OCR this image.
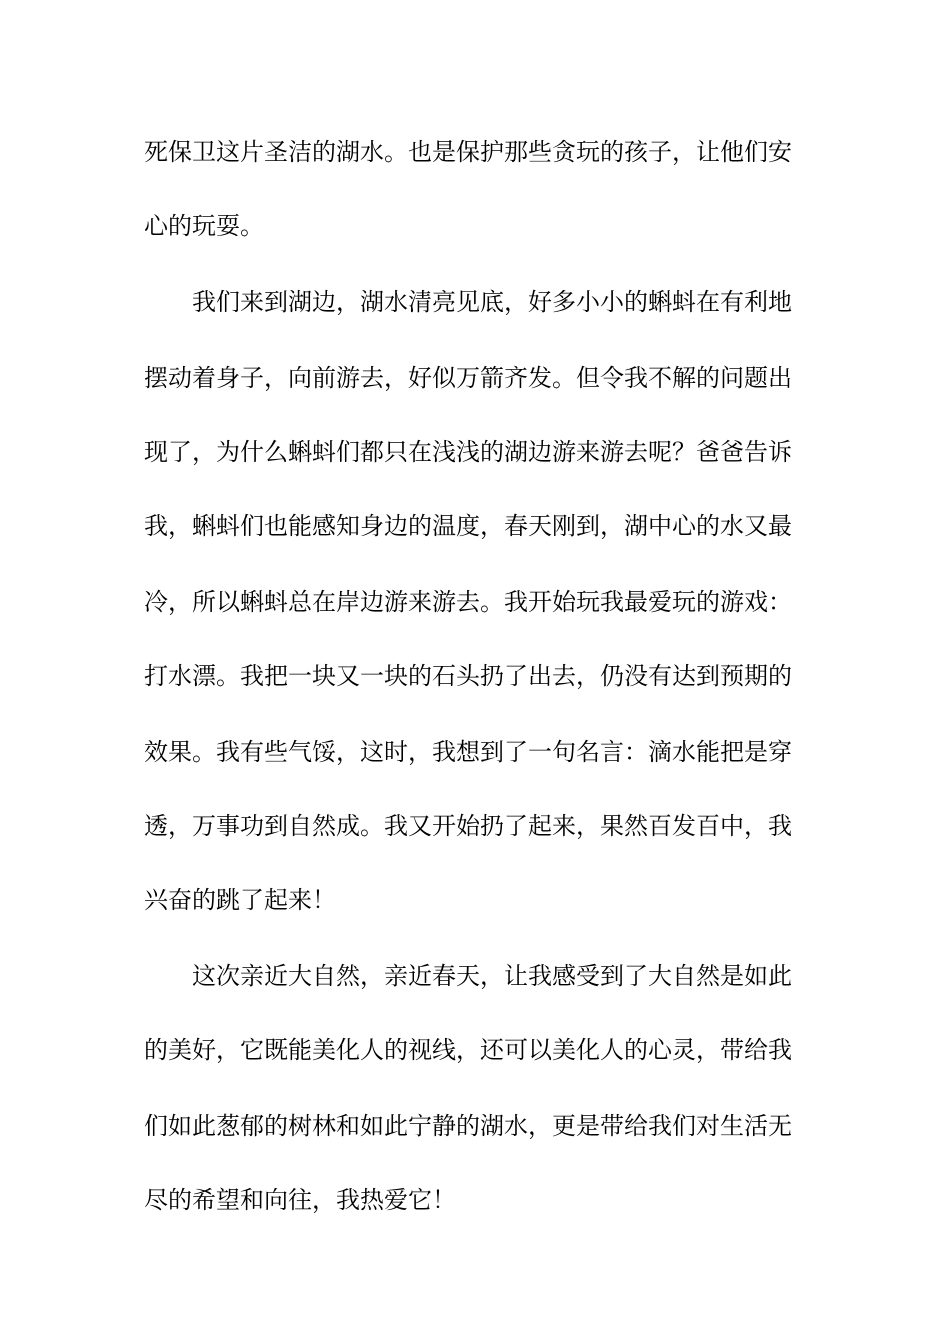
死保卫这片圣洁的湖水。也是保护那些贪玩的孩子，让他们安

心的玩耍。

我们来到湖边，湖水清亮见底，好多小小的蝌蚪在有利地

摆动着身子，向前游去，好似万箭齐发。但令我不解的问题出

现了，为什么蝌蚪们都只在浅浅的湖边游来游去呢？爸爸告诉

我，蝌蚪们也能感知身边的温度，春天刚到，湖中心的水又最

冷，所以蝌蚪总在岸边游来游去。我开始玩我最爱玩的游戏：

打水漂。我把一块又一块的石头扔了出去，仍没有达到预期的

效果。我有些气馁，这时，我想到了一句名言：滴水能把是穿

透，万事功到自然成。我又开始扔了起来，果然百发百中，我

兴奋的跳了起来！

这次亲近大自然，亲近春天，让我感受到了大自然是如此

的美好，它既能美化人的视线，还可以美化人的心灵，带给我

们如此葱郁的树林和如此宁静的湖水，更是带给我们对生活无

尽的希望和向往，我热爱它！
